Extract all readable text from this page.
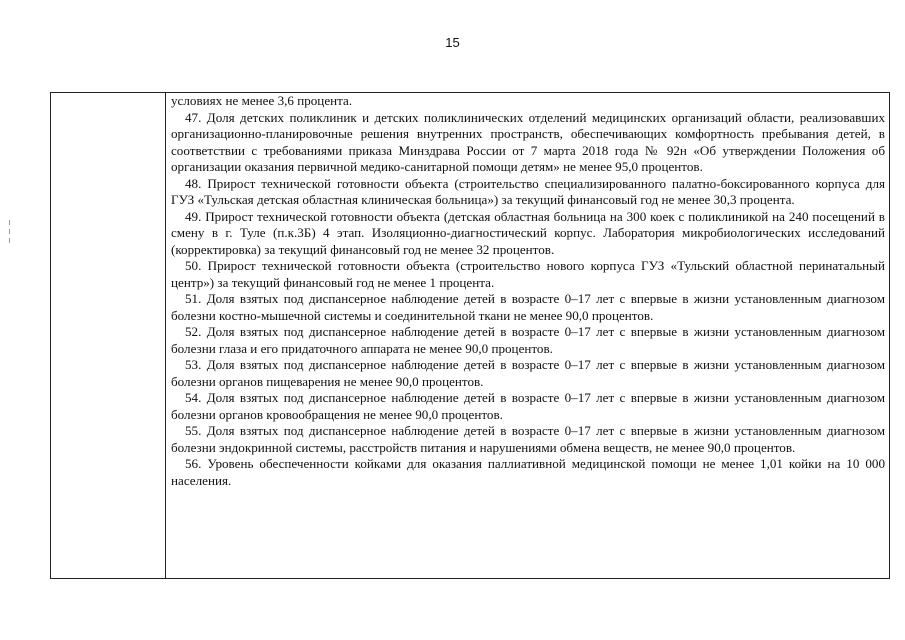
15

условиях не менее 3,6 процента.

47. Доля детских поликлиник и детских поликлинических отделений медицинских организаций области, реализовавших организационно-планировочные решения внутренних пространств, обеспечивающих комфортность пребывания детей, в соответствии с требованиями приказа Минздрава России от 7 марта 2018 года № 92н «Об утверждении Положения об организации оказания первичной медико-санитарной помощи детям» не менее 95,0 процентов.

48. Прирост технической готовности объекта (строительство специализированного палатно-боксированного корпуса для ГУЗ «Тульская детская областная клиническая больница») за текущий финансовый год не менее 30,3 процента.

49. Прирост технической готовности объекта (детская областная больница на 300 коек с поликлиникой на 240 посещений в смену в г. Туле (п.к.3Б) 4 этап. Изоляционно-диагностический корпус. Лаборатория микробиологических исследований (корректировка) за текущий финансовый год не менее 32 процентов.

50. Прирост технической готовности объекта (строительство нового корпуса ГУЗ «Тульский областной перинатальный центр») за текущий финансовый год не менее 1 процента.

51. Доля взятых под диспансерное наблюдение детей в возрасте 0–17 лет с впервые в жизни установленным диагнозом болезни костно-мышечной системы и соединительной ткани не менее 90,0 процентов.

52. Доля взятых под диспансерное наблюдение детей в возрасте 0–17 лет с впервые в жизни установленным диагнозом болезни глаза и его придаточного аппарата не менее 90,0 процентов.

53. Доля взятых под диспансерное наблюдение детей в возрасте 0–17 лет с впервые в жизни установленным диагнозом болезни органов пищеварения не менее 90,0 процентов.

54. Доля взятых под диспансерное наблюдение детей в возрасте 0–17 лет с впервые в жизни установленным диагнозом болезни органов кровообращения не менее 90,0 процентов.

55. Доля взятых под диспансерное наблюдение детей в возрасте 0–17 лет с впервые в жизни установленным диагнозом болезни эндокринной системы, расстройств питания и нарушениями обмена веществ, не менее 90,0 процентов.

56. Уровень обеспеченности койками для оказания паллиативной медицинской помощи не менее 1,01 койки на 10 000 населения.
